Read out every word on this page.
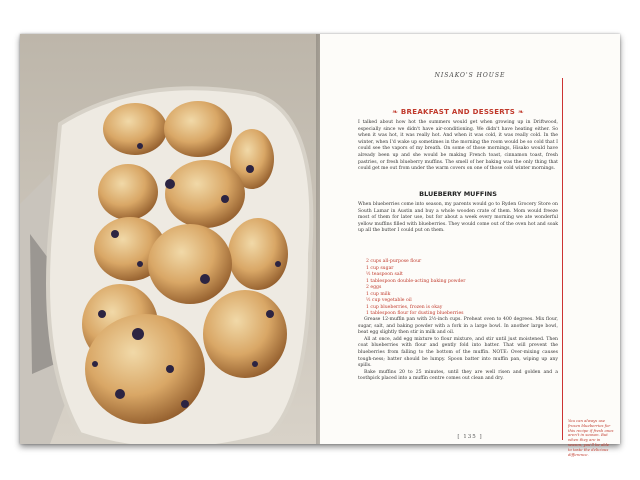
NISAKO'S HOUSE
❧ BREAKFAST AND DESSERTS ❧
I talked about how hot the summers would get when growing up in Driftwood, especially since we didn't have air-conditioning. We didn't have heating either. So when it was hot, it was really hot. And when it was cold, it was really cold. In the winter, when I'd wake up sometimes in the morning the room would be so cold that I could see the vapors of my breath. On some of those mornings, Hisako would have already been up and she would be making French toast, cinnamon toast, fresh pastries, or fresh blueberry muffins. The smell of her baking was the only thing that could get me out from under the warm covers on one of those cold winter mornings.
BLUEBERRY MUFFINS
When blueberries come into season, my parents would go to Ryden Grocery Store on South Lamar in Austin and buy a whole wooden crate of them. Mom would freeze most of them for later use, but for about a week every morning we ate wonderful yellow muffins filled with blueberries. They would come out of the oven hot and soak up all the butter I could put on them.
2 cups all-purpose flour
1 cup sugar
½ teaspoon salt
1 tablespoon double-acting baking powder
2 eggs
1 cup milk
½ cup vegetable oil
1 cup blueberries, frozen is okay
1 tablespoon flour for dusting blueberries

Grease 12-muffin pan with 2½-inch cups. Preheat oven to 400 degrees. Mix flour, sugar, salt, and baking powder with a fork in a large bowl. In another large bowl, beat egg slightly then stir in milk and oil.

All at once, add egg mixture to flour mixture, and stir until just moistened. Then coat blueberries with flour and gently fold into batter. That will prevent the blueberries from falling to the bottom of the muffin. NOTE: Over-mixing causes tough-ness; batter should be lumpy. Spoon batter into muffin pan, wiping up any spills.

Bake muffins 20 to 25 minutes, until they are well risen and golden and a toothpick placed into a muffin centre comes out clean and dry.

You can always use frozen blueberries for this recipe if fresh ones aren't in season. But when they are in season, you'll be able to taste the delicious difference.
[ 135 ]
